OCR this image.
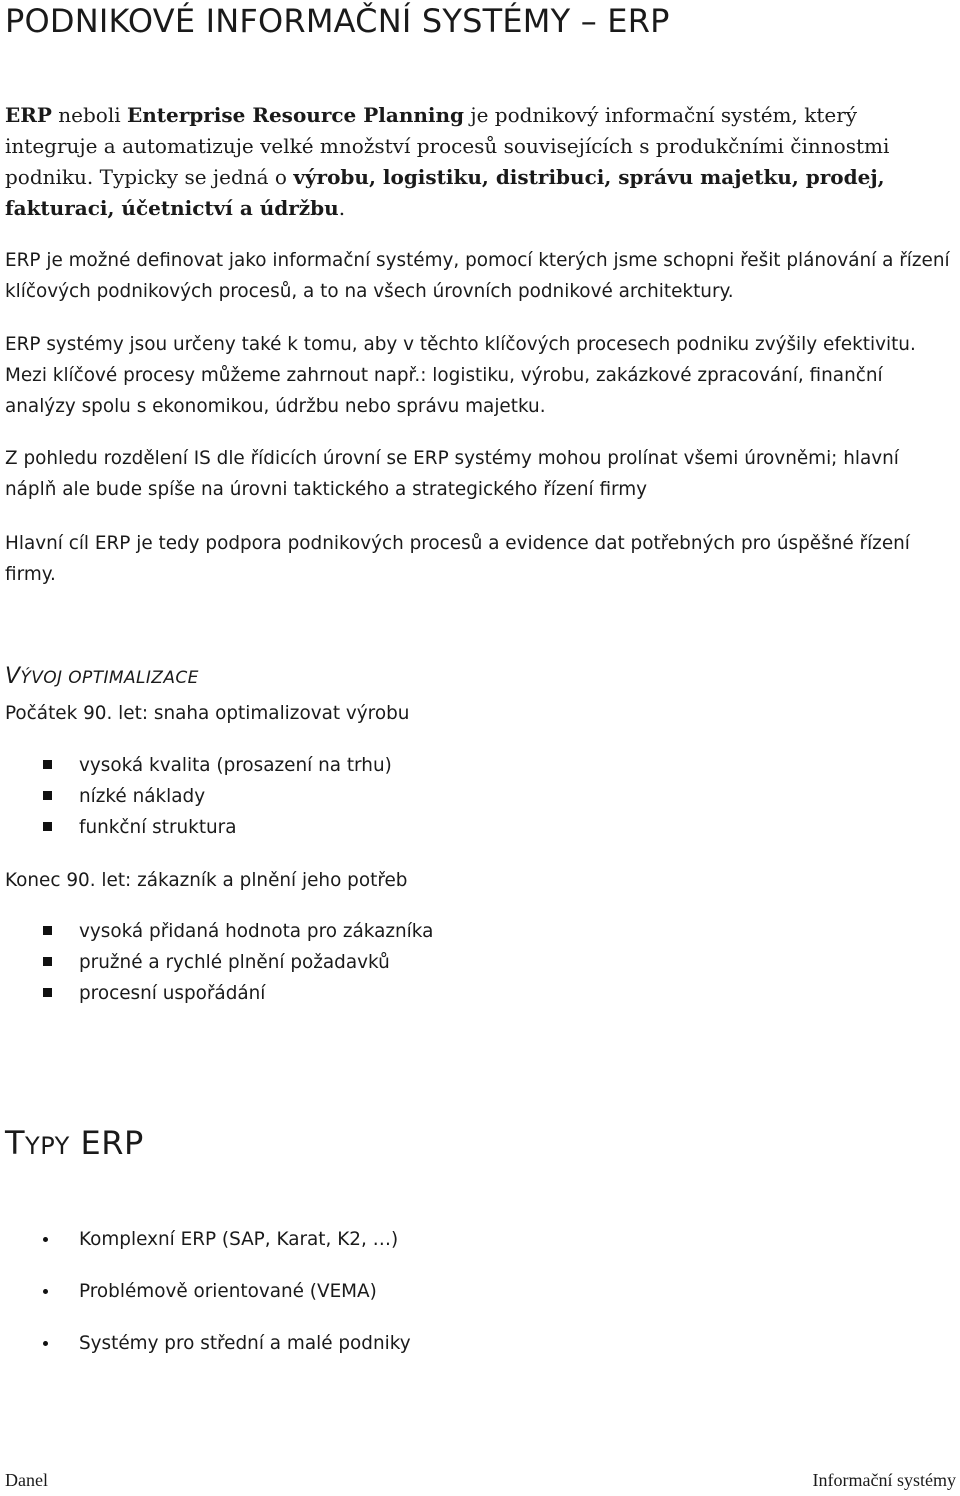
PODNIKOVÉ INFORMAČNÍ SYSTÉMY – ERP

ERP neboli Enterprise Resource Planning je podnikový informační systém, který integruje a automatizuje velké množství procesů souvisejících s produkčními činnostmi podniku. Typicky se jedná o výrobu, logistiku, distribuci, správu majetku, prodej, fakturaci, účetnictví a údržbu.

ERP je možné definovat jako informační systémy, pomocí kterých jsme schopni řešit plánování a řízení klíčových podnikových procesů, a to na všech úrovních podnikové architektury.

ERP systémy jsou určeny také k tomu, aby v těchto klíčových procesech podniku zvýšily efektivitu. Mezi klíčové procesy můžeme zahrnout např.: logistiku, výrobu, zakázkové zpracování, finanční analýzy spolu s ekonomikou, údržbu nebo správu majetku.

Z pohledu rozdělení IS dle řídicích úrovní se ERP systémy mohou prolínat všemi úrovněmi; hlavní náplň ale bude spíše na úrovni taktického a strategického řízení firmy

Hlavní cíl ERP je tedy podpora podnikových procesů a evidence dat potřebných pro úspěšné řízení firmy.

VÝVOJ OPTIMALIZACE

Počátek 90. let: snaha optimalizovat výrobu

vysoká kvalita (prosazení na trhu)
nízké náklady
funkční struktura

Konec 90. let: zákazník a plnění jeho potřeb

vysoká přidaná hodnota pro zákazníka
pružné a rychlé plnění požadavků
procesní uspořádání
TYPY ERP
Komplexní ERP (SAP, Karat, K2, …)
Problémově orientované (VEMA)
Systémy pro střední a malé podniky
Danel	Informační systémy
